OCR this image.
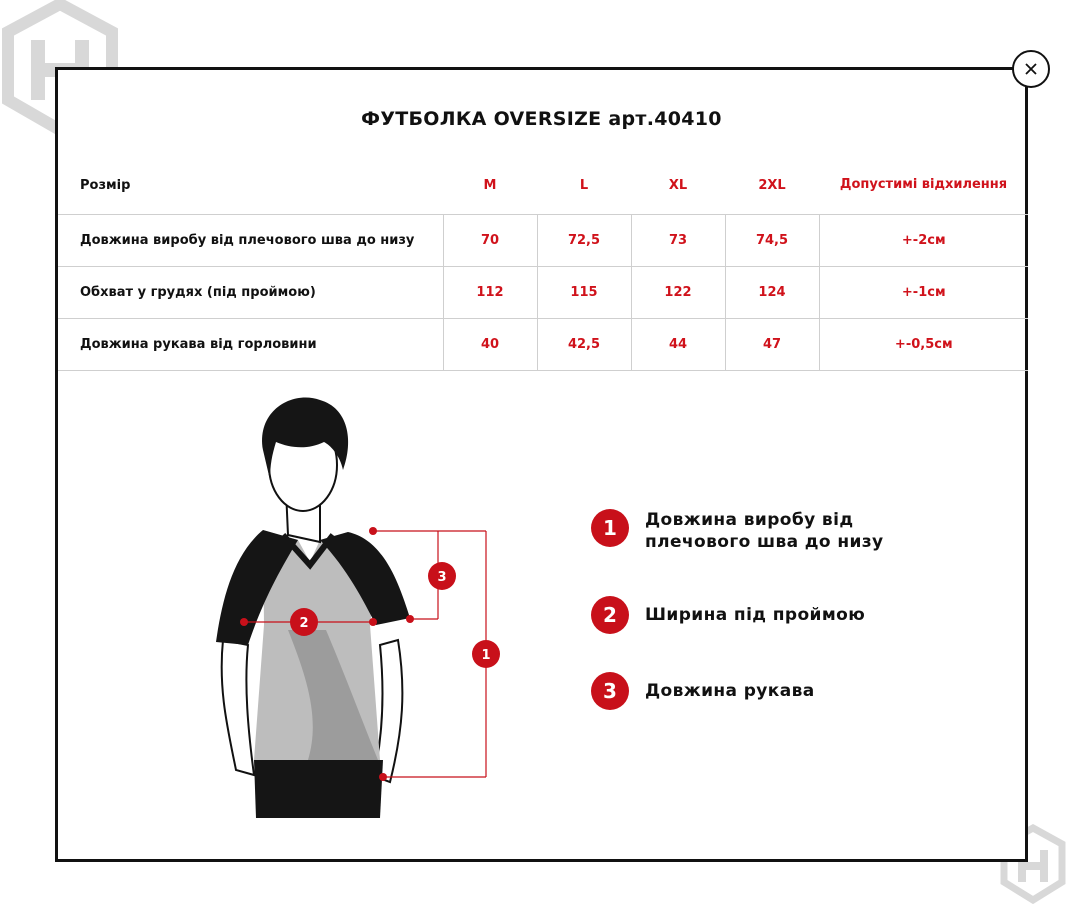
ФУТБОЛКА OVERSIZE арт.40410
Розмір	M	L	XL	2XL	Допустимі відхилення
Довжина виробу від плечового шва до низу	70	72,5	73	74,5	+-2см
Обхват у грудях (під проймою)	112	115	122	124	+-1см
Довжина рукава від горловини	40	42,5	44	47	+-0,5см
1
2
3
1	Довжина виробу від плечового шва до низу
2	Ширина під проймою
3	Довжина рукава
